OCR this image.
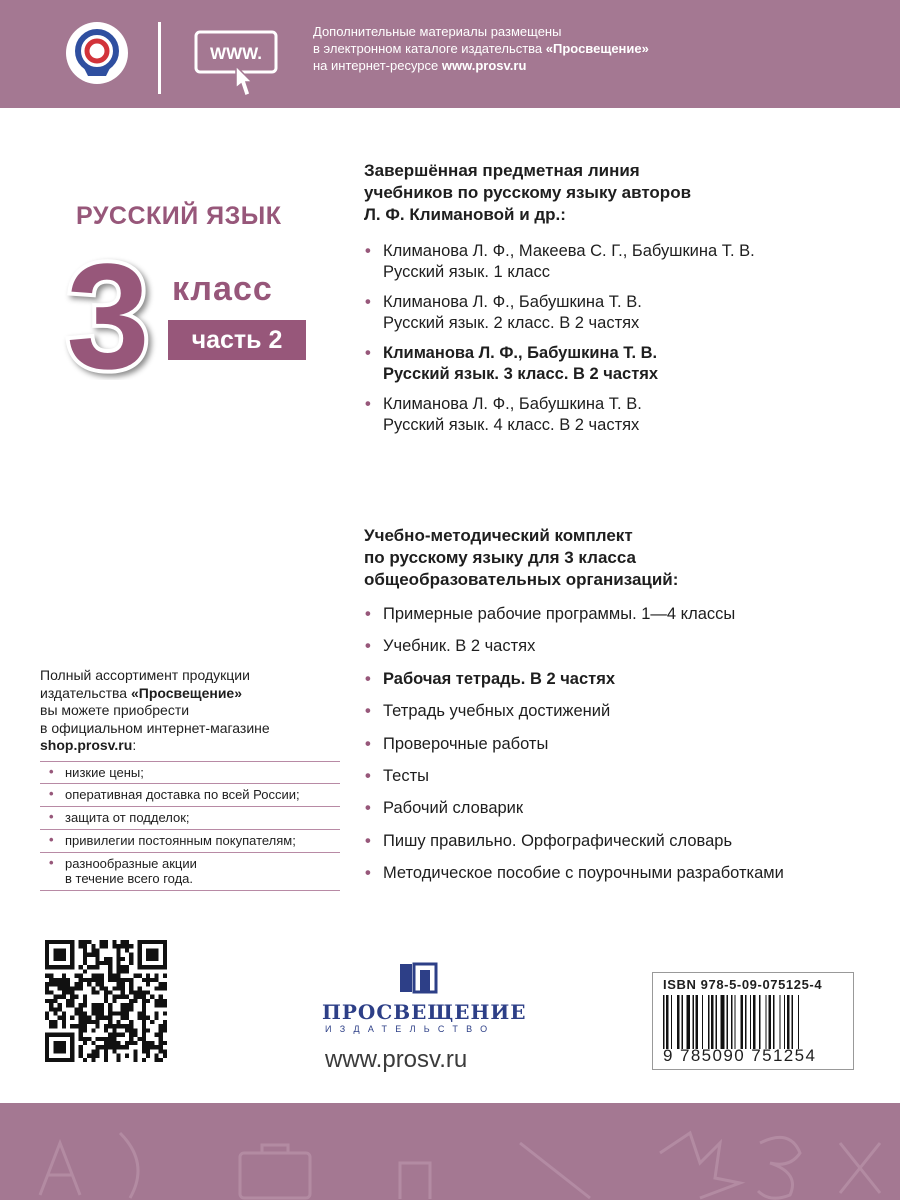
WWW.
Дополнительные материалы размещены
в электронном каталоге издательства «Просвещение»
на интернет-ресурсе www.prosv.ru
РУССКИЙ ЯЗЫК
3 класс
часть 2
Завершённая предметная линия
учебников по русскому языку авторов
Л. Ф. Климановой и др.:
• Климанова Л. Ф., Макеева С. Г., Бабушкина Т. В.
Русский язык. 1 класс
• Климанова Л. Ф., Бабушкина Т. В.
Русский язык. 2 класс. В 2 частях
• Климанова Л. Ф., Бабушкина Т. В.
Русский язык. 3 класс. В 2 частях
• Климанова Л. Ф., Бабушкина Т. В.
Русский язык. 4 класс. В 2 частях
Учебно-методический комплект
по русскому языку для 3 класса
общеобразовательных организаций:
• Примерные рабочие программы. 1—4 классы
• Учебник. В 2 частях
• Рабочая тетрадь. В 2 частях
• Тетрадь учебных достижений
• Проверочные работы
• Тесты
• Рабочий словарик
• Пишу правильно. Орфографический словарь
• Методическое пособие с поурочными разработками
Полный ассортимент продукции
издательства «Просвещение»
вы можете приобрести
в официальном интернет-магазине
shop.prosv.ru:
• низкие цены;
• оперативная доставка по всей России;
• защита от подделок;
• привилегии постоянным покупателям;
• разнообразные акции
в течение всего года.
ПРОСВЕЩЕНИЕ
ИЗДАТЕЛЬСТВО
www.prosv.ru
ISBN 978-5-09-075125-4
9 785090 751254
